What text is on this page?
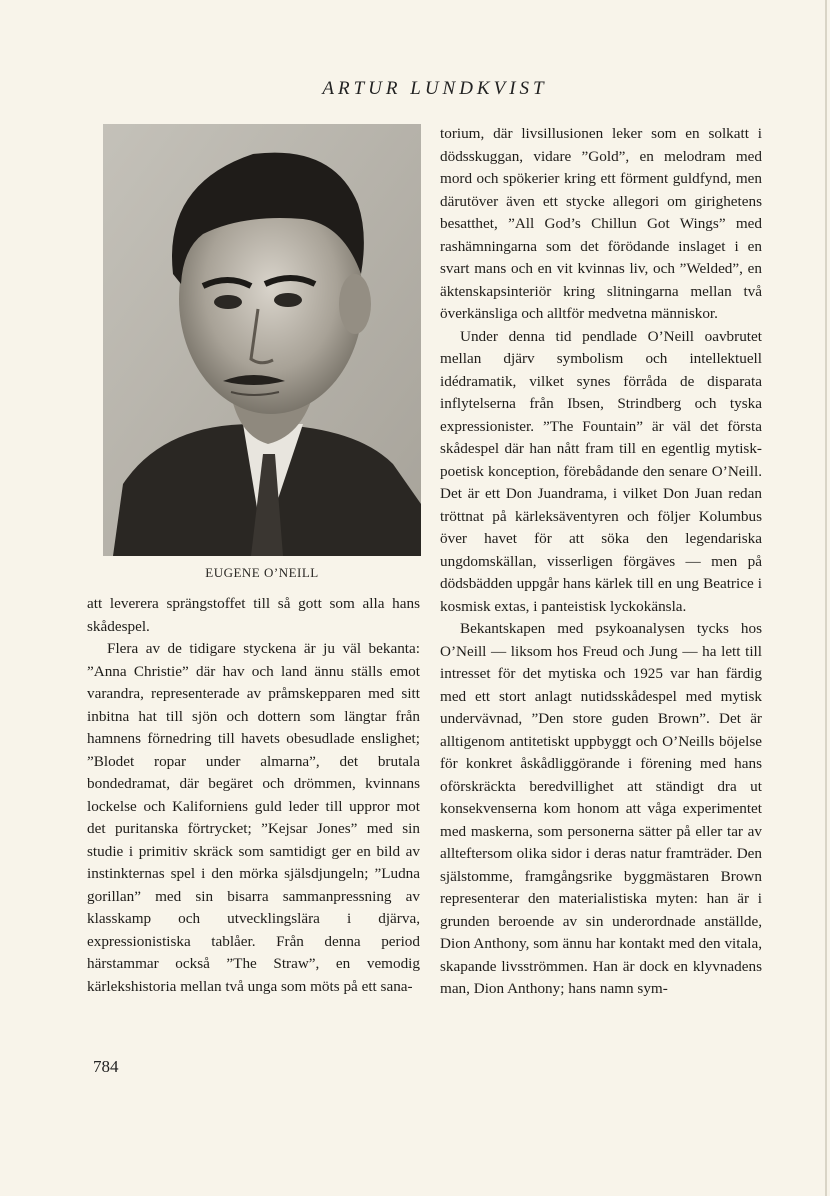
ARTUR LUNDKVIST
EUGENE O’NEILL

att leverera sprängstoffet till så gott som alla hans skådespel.

Flera av de tidigare styckena är ju väl bekanta: ”Anna Christie” där hav och land ännu ställs emot varandra, representerade av pråmskepparen med sitt inbitna hat till sjön och dottern som längtar från hamnens förnedring till havets obesudlade enslighet; ”Blodet ropar under almarna”, det brutala bondedramat, där begäret och drömmen, kvinnans lockelse och Kaliforniens guld leder till uppror mot det puritanska förtrycket; ”Kejsar Jones” med sin studie i primitiv skräck som samtidigt ger en bild av instinkternas spel i den mörka själsdjungeln; ”Ludna gorillan” med sin bisarra sammanpressning av klasskamp och utvecklingslära i djärva, expressionistiska tablåer. Från denna period härstammar också ”The Straw”, en vemodig kärlekshistoria mellan två unga som möts på ett sana-

torium, där livsillusionen leker som en solkatt i dödsskuggan, vidare ”Gold”, en melodram med mord och spökerier kring ett förment guldfynd, men därutöver även ett stycke allegori om girighetens besatthet, ”All God’s Chillun Got Wings” med rashämningarna som det förödande inslaget i en svart mans och en vit kvinnas liv, och ”Welded”, en äktenskapsinteriör kring slitningarna mellan två överkänsliga och alltför medvetna människor.

Under denna tid pendlade O’Neill oavbrutet mellan djärv symbolism och intellektuell idédramatik, vilket synes förråda de disparata inflytelserna från Ibsen, Strindberg och tyska expressionister. ”The Fountain” är väl det första skådespel där han nått fram till en egentlig mytisk-poetisk konception, förebådande den senare O’Neill. Det är ett Don Juandrama, i vilket Don Juan redan tröttnat på kärleksäventyren och följer Kolumbus över havet för att söka den legendariska ungdomskällan, visserligen förgäves — men på dödsbädden uppgår hans kärlek till en ung Beatrice i kosmisk extas, i panteistisk lyckokänsla.

Bekantskapen med psykoanalysen tycks hos O’Neill — liksom hos Freud och Jung — ha lett till intresset för det mytiska och 1925 var han färdig med ett stort anlagt nutidsskådespel med mytisk undervävnad, ”Den store guden Brown”. Det är alltigenom antitetiskt uppbyggt och O’Neills böjelse för konkret åskådliggörande i förening med hans oförskräckta beredvillighet att ständigt dra ut konsekvenserna kom honom att våga experimentet med maskerna, som personerna sätter på eller tar av allteftersom olika sidor i deras natur framträder. Den själstomme, framgångsrike byggmästaren Brown representerar den materialistiska myten: han är i grunden beroende av sin underordnade anställde, Dion Anthony, som ännu har kontakt med den vitala, skapande livsströmmen. Han är dock en klyvnadens man, Dion Anthony; hans namn sym-

784
